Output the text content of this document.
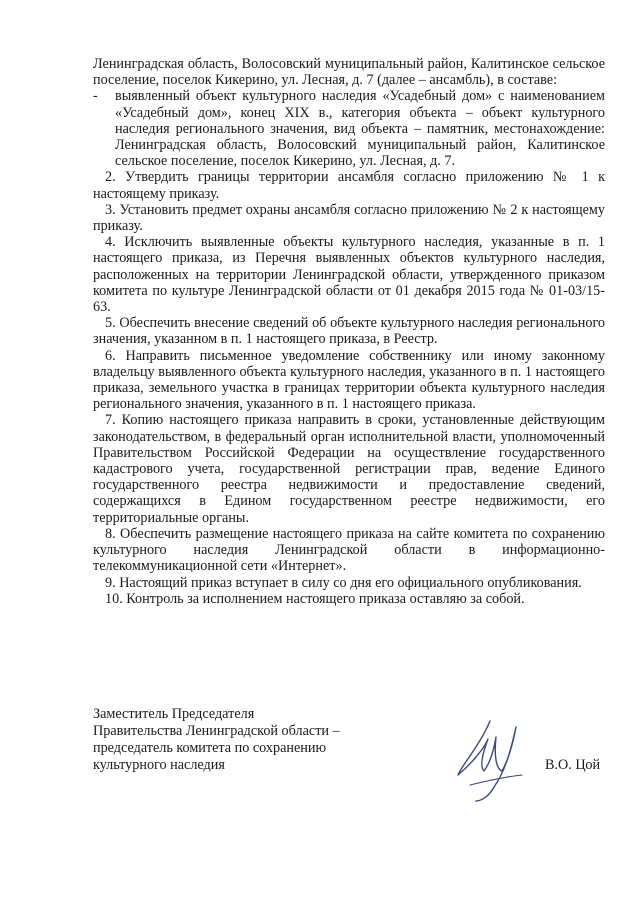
Ленинградская область, Волосовский муниципальный район, Калитинское сельское поселение, поселок Кикерино, ул. Лесная, д. 7 (далее – ансамбль), в составе:

-	выявленный объект культурного наследия «Усадебный дом» с наименованием «Усадебный дом», конец XIX в., категория объекта – объект культурного наследия регионального значения, вид объекта – памятник, местонахождение: Ленинградская область, Волосовский муниципальный район, Калитинское сельское поселение, поселок Кикерино, ул. Лесная, д. 7.

2. Утвердить границы территории ансамбля согласно приложению № 1 к настоящему приказу.

3. Установить предмет охраны ансамбля согласно приложению № 2 к настоящему приказу.

4. Исключить выявленные объекты культурного наследия, указанные в п. 1 настоящего приказа, из Перечня выявленных объектов культурного наследия, расположенных на территории Ленинградской области, утвержденного приказом комитета по культуре Ленинградской области от 01 декабря 2015 года № 01-03/15-63.

5. Обеспечить внесение сведений об объекте культурного наследия регионального значения, указанном в п. 1 настоящего приказа, в Реестр.

6. Направить письменное уведомление собственнику или иному законному владельцу выявленного объекта культурного наследия, указанного в п. 1 настоящего приказа, земельного участка в границах территории объекта культурного наследия регионального значения, указанного в п. 1 настоящего приказа.

7. Копию настоящего приказа направить в сроки, установленные действующим законодательством, в федеральный орган исполнительной власти, уполномоченный Правительством Российской Федерации на осуществление государственного кадастрового учета, государственной регистрации прав, ведение Единого государственного реестра недвижимости и предоставление сведений, содержащихся в Едином государственном реестре недвижимости, его территориальные органы.

8. Обеспечить размещение настоящего приказа на сайте комитета по сохранению культурного наследия Ленинградской области в информационно-телекоммуникационной сети «Интернет».

9. Настоящий приказ вступает в силу со дня его официального опубликования.

10. Контроль за исполнением настоящего приказа оставляю за собой.

Заместитель Председателя

Правительства Ленинградской области –

председатель комитета по сохранению

культурного наследия	В.О. Цой
